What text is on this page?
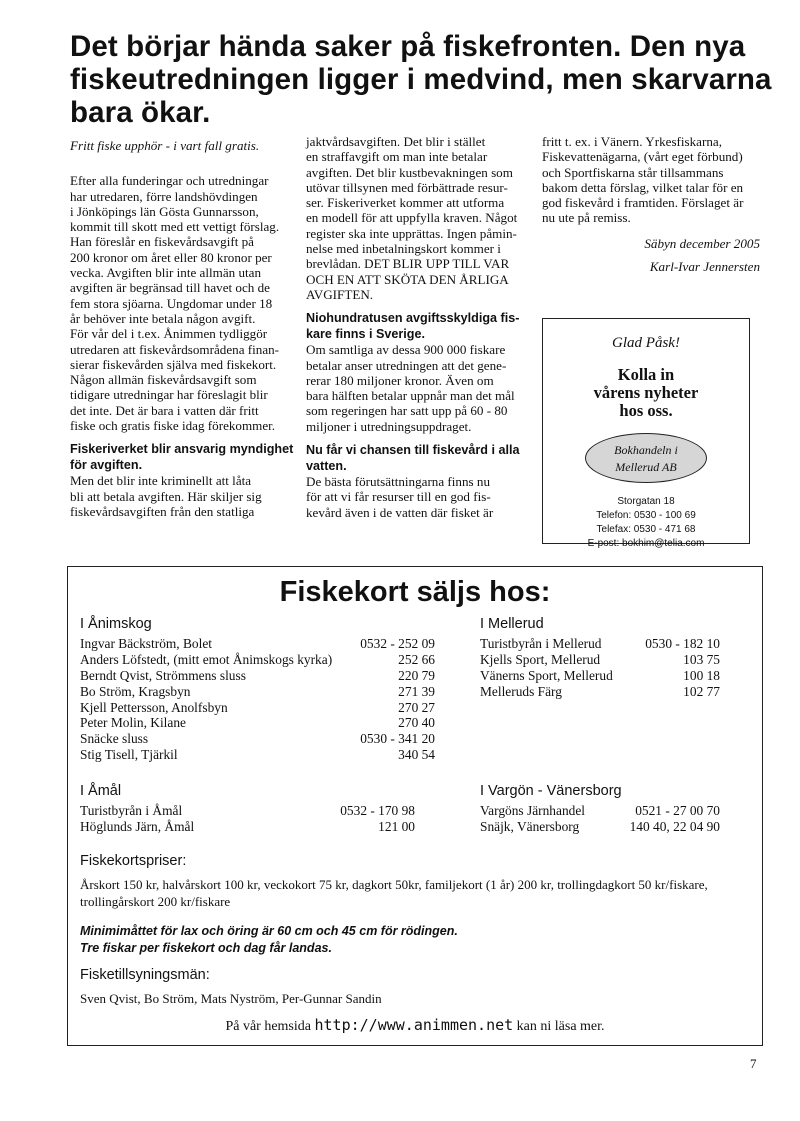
Det börjar hända saker på fiskefronten. Den nya
fiskeutredningen ligger i medvind, men skarvarna
bara ökar.

Fritt fiske upphör - i vart fall gratis.

Efter alla funderingar och utredningar
har utredaren, förre landshövdingen
i Jönköpings län Gösta Gunnarsson,
kommit till skott med ett vettigt förslag.
Han föreslår en fiskevårdsavgift på
200 kronor om året eller 80 kronor per
vecka. Avgiften blir inte allmän utan
avgiften är begränsad till havet och de
fem stora sjöarna. Ungdomar under 18
år behöver inte betala någon avgift.
För vår del i t.ex. Ånimmen tydliggör
utredaren att fiskevårdsområdena finan-
sierar fiskevården själva med fiskekort.
Någon allmän fiskevårdsavgift som
tidigare utredningar har föreslagit blir
det inte. Det är bara i vatten där fritt
fiske och gratis fiske idag förekommer.

Fiskeriverket blir ansvarig myndighet
för avgiften.

Men det blir inte kriminellt att låta
bli att betala avgiften. Här skiljer sig
fiskevårdsavgiften från den statliga
jaktvårdsavgiften. Det blir i stället
en straffavgift om man inte betalar
avgiften. Det blir kustbevakningen som
utövar tillsynen med förbättrade resur-
ser. Fiskeriverket kommer att utforma
en modell för att uppfylla kraven. Något
register ska inte upprättas. Ingen påmin-
nelse med inbetalningskort kommer i
brevlådan. DET BLIR UPP TILL VAR
OCH EN ATT SKÖTA DEN ÅRLIGA
AVGIFTEN.

Niohundratusen avgiftsskyldiga fis-
kare finns i Sverige.

Om samtliga av dessa 900 000 fiskare
betalar anser utredningen att det gene-
rerar 180 miljoner kronor. Även om
bara hälften betalar uppnår man det mål
som regeringen har satt upp på 60 - 80
miljoner i utredningsuppdraget.

Nu får vi chansen till fiskevård i alla
vatten.

De bästa förutsättningarna finns nu
för att vi får resurser till en god fis-
kevård även i de vatten där fisket är
fritt t. ex. i Vänern. Yrkesfiskarna,
Fiskevattenägarna, (vårt eget förbund)
och Sportfiskarna står tillsammans
bakom detta förslag, vilket talar för en
god fiskevård i framtiden. Förslaget är
nu ute på remiss.

Säbyn december 2005

Karl-Ivar Jennersten

Glad Påsk!
Kolla in
vårens nyheter
hos oss.
Bokhandeln i
Mellerud AB
Storgatan 18
Telefon: 0530 - 100 69
Telefax: 0530 - 471 68
E-post: bokhim@telia.com
Fiskekort säljs hos:

I Ånimskog

Ingvar Bäckström, Bolet	0532 - 252 09
Anders Löfstedt, (mitt emot Ånimskogs kyrka)	252 66
Berndt Qvist, Strömmens sluss	220 79
Bo Ström, Kragsbyn	271 39
Kjell Pettersson, Anolfsbyn	270 27
Peter Molin, Kilane	270 40
Snäcke sluss	0530 - 341 20
Stig Tisell, Tjärkil	340 54

I Mellerud

Turistbyrån i Mellerud	0530 - 182 10
Kjells Sport, Mellerud	103 75
Vänerns Sport, Mellerud	100 18
Melleruds Färg	102 77

I Åmål

Turistbyrån i Åmål	0532 - 170 98
Höglunds Järn, Åmål	121 00

I Vargön - Vänersborg

Vargöns Järnhandel	0521 - 27 00 70
Snäjk, Vänersborg	140 40, 22 04 90

Fiskekortspriser:

Årskort 150 kr, halvårskort 100 kr, veckokort 75 kr, dagkort 50kr, familjekort (1 år) 200 kr, trollingdagkort 50 kr/fiskare,
trollingårskort 200 kr/fiskare

Minimimåttet för lax och öring är 60 cm och 45 cm för rödingen.
Tre fiskar per fiskekort och dag får landas.

Fisketillsyningsmän:

Sven Qvist, Bo Ström, Mats Nyström, Per-Gunnar Sandin

På vår hemsida http://www.animmen.net kan ni läsa mer.
7
